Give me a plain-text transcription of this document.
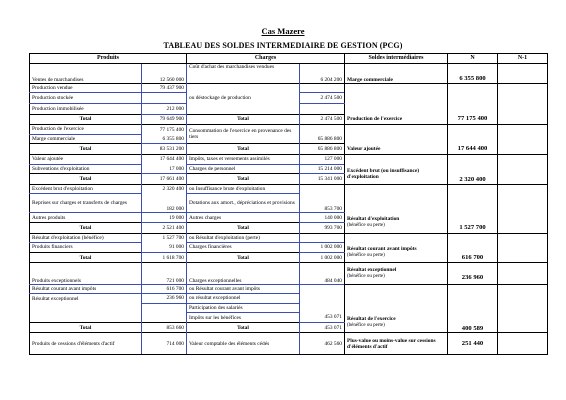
Cas Mazere
TABLEAU DES SOLDES INTERMEDIAIRE DE GESTION (PCG)
Produits		Charges		Soldes intermédiaires	N	N-1
Ventes de marchandises	12 560 000	Coût d'achat des marchandises vendues	6 204 200	Marge commerciale	6 355 800	
Production vendue	79 437 900					
Production stockée		ou déstockage de production	2 474 500			
Production immobilisée	212 000					
Total	79 649 900	Total	2 474 500	Production de l'exercice	77 175 400	
Production de l'exercice	77 175 400	Consommation de l'exercice en provenance des tiers				
Marge commerciale	6 355 800		65 886 800			
Total	83 531 200	Total	65 886 800	Valeur ajoutée	17 644 400	
Valeur ajoutée	17 644 400	Impôts, taxes et versements assimilés	127 000			
Subventions d'exploitation	17 000	Charges de personnel	15 214 000	Excédent brut (ou insuffisance) d'exploitation		
Total	17 661 400	Total	15 341 000		2 320 400	
Excédent brut d'exploitation	2 320 400	ou Insuffisance brute d'exploitation				
Reprises sur charges et transferts de charges	182 000	Dotations aux amort., dépréciations et provisions	853 700			
Autres produits	19 000	Autres charges	140 000	Résultat d'exploitation
(bénéfice ou perte)		
Total	2 521 400	Total	993 700		1 527 700	
Résultat d'exploitation (bénéfice)	1 527 700	ou Résultat d'exploitation (perte)				
Produits financiers	91 000	Charges financières	1 002 000	Résultat courant avant impôts
(bénéfice ou perte)		
Total	1 618 700	Total	1 002 000		616 700	
				Résultat exceptionnel
(bénéfice ou perte)		
Produits exceptionnels	721 000	Charges exceptionnelles	484 040		236 960	
Résultat courant avant impôts	616 700	ou Résultat courant avant impôts				
Résultat exceptionnel	236 960	ou résultat exceptionnel				
		Participation des salariés				
		Impôts sur les bénéfices	453 071	Résultat de l'exercice
(bénéfice ou perte)		
Total	853 660	Total	453 071		400 589	
Produits de cessions d'éléments d'actif	714 000	Valeur comptable des éléments cédés	462 560	Plus-value ou moins-value sur cessions d'éléments d'actif	251 440	
